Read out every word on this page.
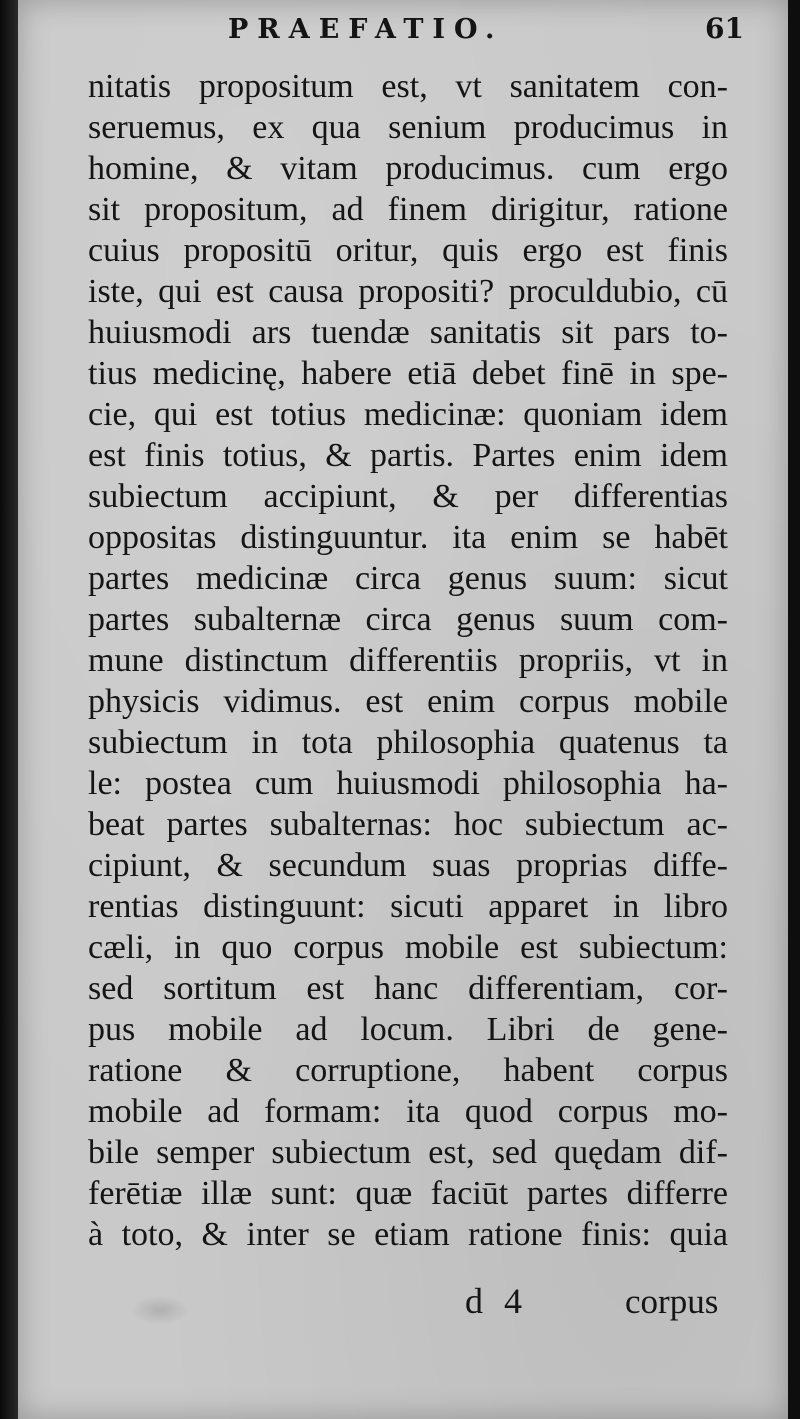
PRAEFATIO.	61
nitatis propositum est, vt sanitatem con-
seruemus, ex qua senium producimus in
homine, & vitam producimus. cum ergo
sit propositum, ad finem dirigitur, ratione
cuius propositū oritur, quis ergo est finis
iste, qui est causa propositi? proculdubio, cū
huiusmodi ars tuendæ sanitatis sit pars to-
tius medicinę, habere etiā debet finē in spe-
cie, qui est totius medicinæ: quoniam idem
est finis totius, & partis. Partes enim idem
subiectum accipiunt, & per differentias
oppositas distinguuntur. ita enim se habēt
partes medicinæ circa genus suum: sicut
partes subalternæ circa genus suum com-
mune distinctum differentiis propriis, vt in
physicis vidimus. est enim corpus mobile
subiectum in tota philosophia quatenus ta
le: postea cum huiusmodi philosophia ha-
beat partes subalternas: hoc subiectum ac-
cipiunt, & secundum suas proprias diffe-
rentias distinguunt: sicuti apparet in libro
cæli, in quo corpus mobile est subiectum:
sed sortitum est hanc differentiam, cor-
pus mobile ad locum. Libri de gene-
ratione & corruptione, habent corpus
mobile ad formam: ita quod corpus mo-
bile semper subiectum est, sed quędam dif-
ferētiæ illæ sunt: quæ faciūt partes differre
à toto, & inter se etiam ratione finis: quia
d 4	corpus
